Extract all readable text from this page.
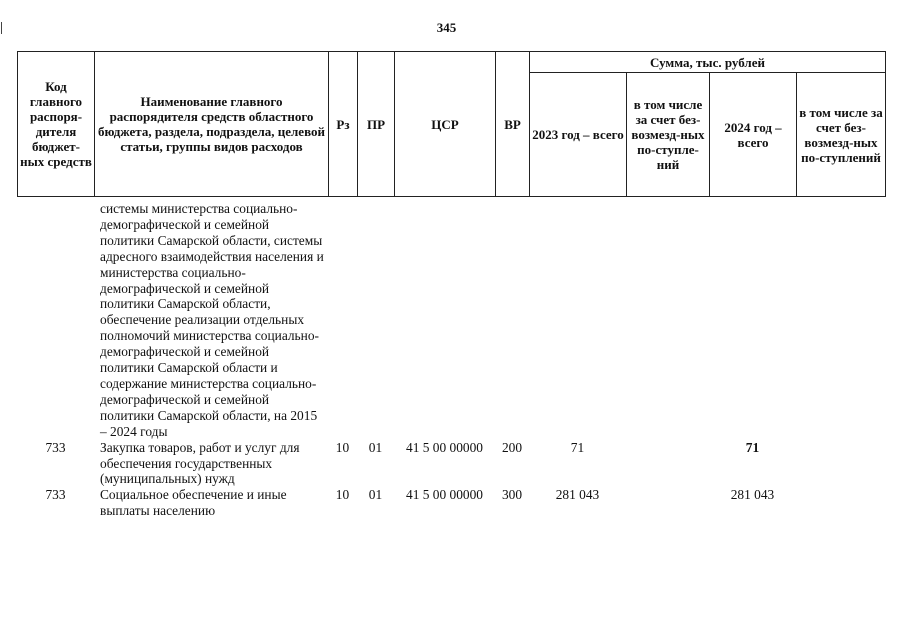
345
Код главного распоря-дителя бюджет-ных средств	Наименование главного распорядителя средств областного бюджета, раздела, подраздела, целевой статьи, группы видов расходов	Рз	ПР	ЦСР	ВР	Сумма, тыс. рублей			
						2023 год – всего	в том числе за счет без-возмезд-ных по-ступле-ний	2024 год – всего	в том числе за счет без-возмезд-ных по-ступлений
	системы министерства социально-демографической и семейной политики Самарской области, системы адресного взаимодействия населения и министерства социально-демографической и семейной политики Самарской области, обеспечение реализации отдельных полномочий министерства социально-демографической и семейной политики Самарской области и содержание министерства социально-демографической и семейной политики Самарской области, на 2015 – 2024 годы								
733	Закупка товаров, работ и услуг для обеспечения государственных (муниципальных) нужд	10	01	41 5 00 00000	200	71		71	
733	Социальное обеспечение и иные выплаты населению	10	01	41 5 00 00000	300	281 043		281 043	
